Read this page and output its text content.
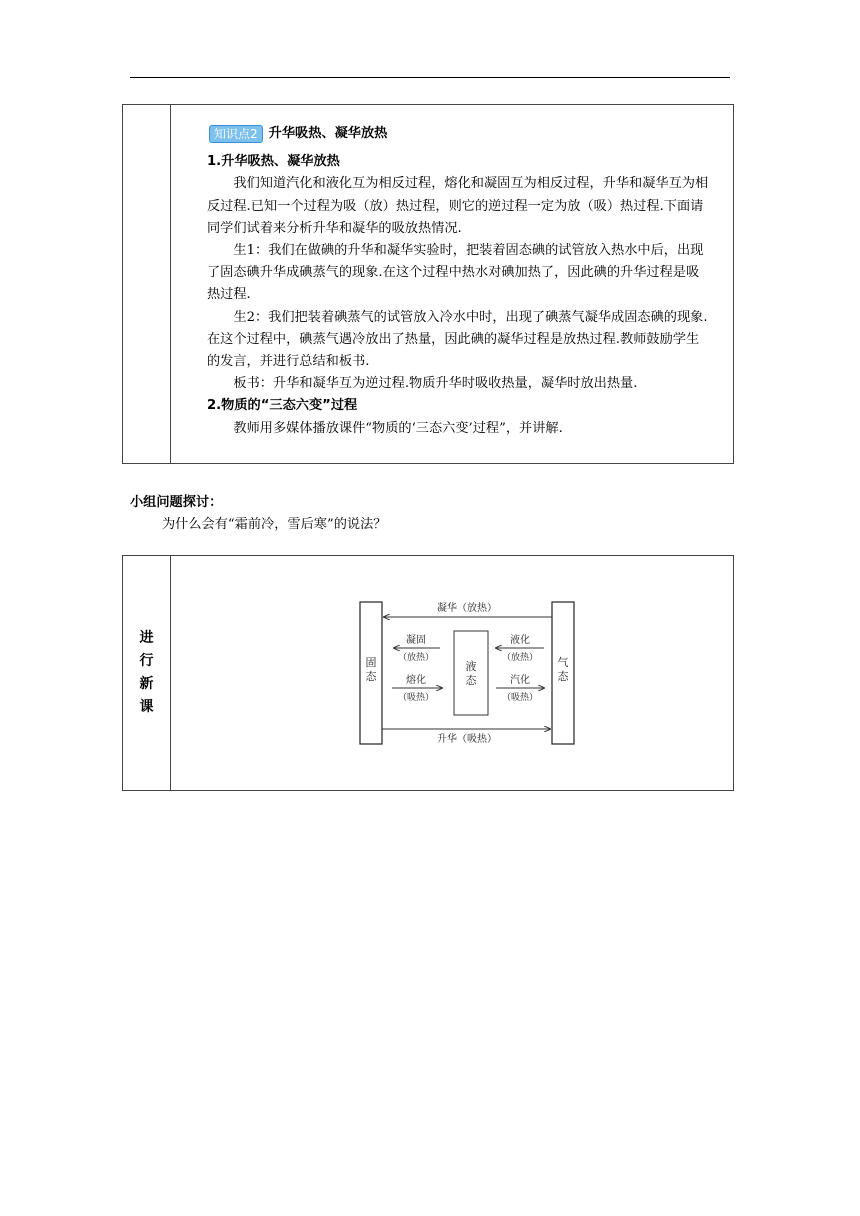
知识点2 升华吸热、凝华放热

1.升华吸热、凝华放热

我们知道汽化和液化互为相反过程，熔化和凝固互为相反过程，升华和凝华互为相反过程.已知一个过程为吸（放）热过程，则它的逆过程一定为放（吸）热过程.下面请同学们试着来分析升华和凝华的吸放热情况.

生1：我们在做碘的升华和凝华实验时，把装着固态碘的试管放入热水中后，出现了固态碘升华成碘蒸气的现象.在这个过程中热水对碘加热了，因此碘的升华过程是吸热过程.

生2：我们把装着碘蒸气的试管放入冷水中时，出现了碘蒸气凝华成固态碘的现象.在这个过程中，碘蒸气遇冷放出了热量，因此碘的凝华过程是放热过程.教师鼓励学生的发言，并进行总结和板书.

板书：升华和凝华互为逆过程.物质升华时吸收热量，凝华时放出热量.

2.物质的“三态六变”过程

教师用多媒体播放课件“物质的‘三态六变’过程”，并讲解.

小组问题探讨：
为什么会有“霜前冷，雪后寒”的说法？
进
行
新
课

固
态
液
态
气
态
凝华（放热）
升华（吸热）
凝固
（放热）
熔化
（吸热）
液化
（放热）
汽化
（吸热）
